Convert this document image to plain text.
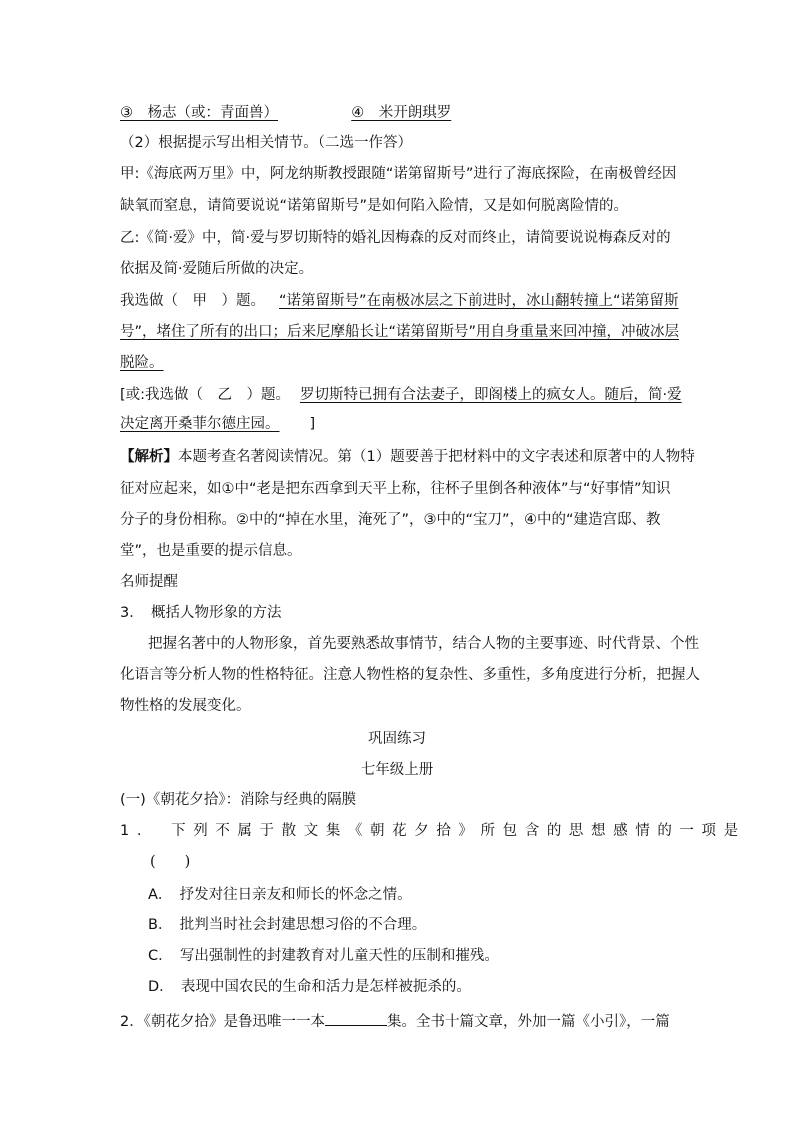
③　杨志（或：青面兽）	④　米开朗琪罗
（2）根据提示写出相关情节。（二选一作答）
甲:《海底两万里》中，阿龙纳斯教授跟随“诺第留斯号”进行了海底探险，在南极曾经因
缺氧而窒息，请简要说说“诺第留斯号”是如何陷入险情，又是如何脱离险情的。
乙:《简·爱》中，简·爱与罗切斯特的婚礼因梅森的反对而终止，请简要说说梅森反对的
依据及简·爱随后所做的决定。
我选做（　甲　）题。 “诺第留斯号”在南极冰层之下前进时，冰山翻转撞上“诺第留斯
号”，堵住了所有的出口；后来尼摩船长让“诺第留斯号”用自身重量来回冲撞，冲破冰层
脱险。
[或:我选做（　乙　）题。 罗切斯特已拥有合法妻子，即阁楼上的疯女人。随后，简·爱
决定离开桑菲尔德庄园。 ]
【解析】本题考查名著阅读情况。第（1）题要善于把材料中的文字表述和原著中的人物特
征对应起来，如①中“老是把东西拿到天平上称，往杯子里倒各种液体”与“好事情”知识
分子的身份相称。②中的“掉在水里，淹死了”，③中的“宝刀”，④中的“建造宫邸、教
堂”，也是重要的提示信息。
名师提醒
3．　概括人物形象的方法
把握名著中的人物形象，首先要熟悉故事情节，结合人物的主要事迹、时代背景、个性
化语言等分析人物的性格特征。注意人物性格的复杂性、多重性，多角度进行分析，把握人
物性格的发展变化。
巩固练习
七年级上册
(一)《朝花夕拾》：消除与经典的隔膜
1.　下列不属于散文集《朝花夕拾》所包含的思想感情的一项是
(　　)
A．　抒发对往日亲友和师长的怀念之情。
B．　批判当时社会封建思想习俗的不合理。
C．　写出强制性的封建教育对儿童天性的压制和摧残。
D．　表现中国农民的生命和活力是怎样被扼杀的。
2．《朝花夕拾》是鲁迅唯一一本	集。全书十篇文章，外加一篇《小引》，一篇
